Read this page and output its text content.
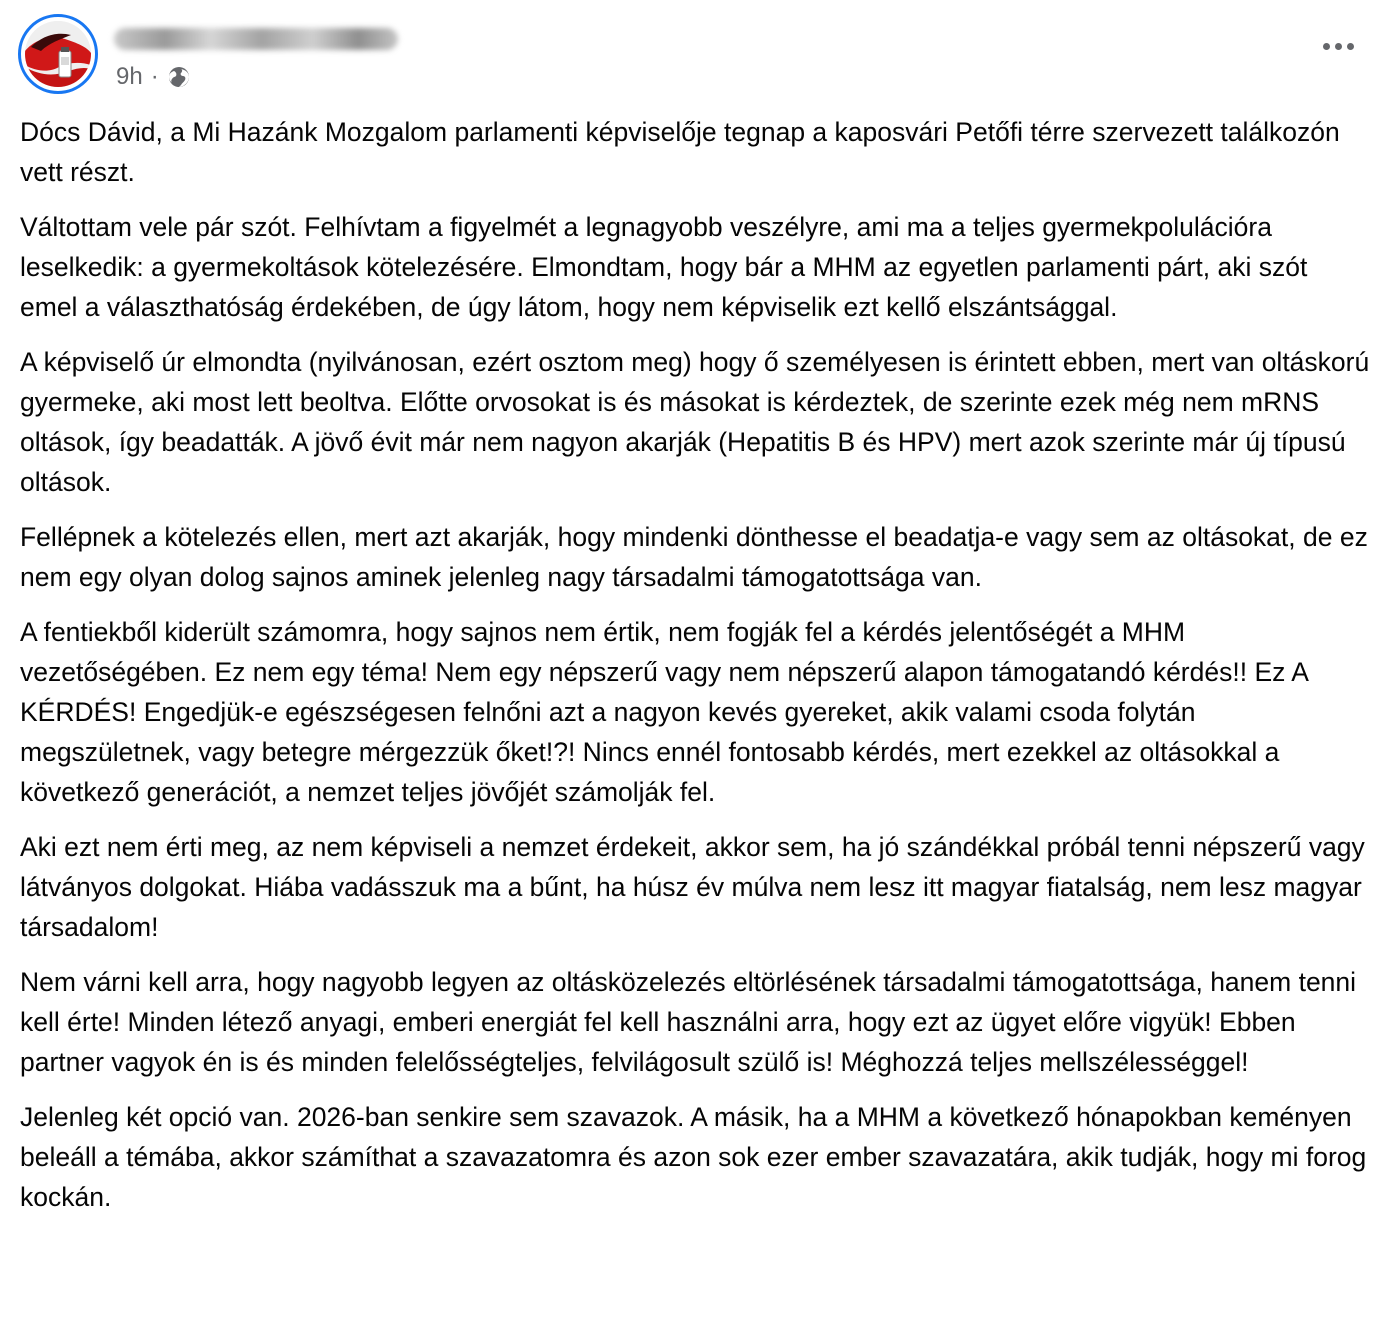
9h ·

Dócs Dávid, a Mi Hazánk Mozgalom parlamenti képviselője tegnap a kaposvári Petőfi térre szervezett találkozón vett részt.

Váltottam vele pár szót. Felhívtam a figyelmét a legnagyobb veszélyre, ami ma a teljes gyermekpolulációra leselkedik: a gyermekoltások kötelezésére. Elmondtam, hogy bár a MHM az egyetlen parlamenti párt, aki szót emel a választhatóság érdekében, de úgy látom, hogy nem képviselik ezt kellő elszántsággal.

A képviselő úr elmondta (nyilvánosan, ezért osztom meg) hogy ő személyesen is érintett ebben, mert van oltáskorú gyermeke, aki most lett beoltva. Előtte orvosokat is és másokat is kérdeztek, de szerinte ezek még nem mRNS oltások, így beadatták. A jövő évit már nem nagyon akarják (Hepatitis B és HPV) mert azok szerinte már új típusú oltások.

Fellépnek a kötelezés ellen, mert azt akarják, hogy mindenki dönthesse el beadatja-e vagy sem az oltásokat, de ez nem egy olyan dolog sajnos aminek jelenleg nagy társadalmi támogatottsága van.

A fentiekből kiderült számomra, hogy sajnos nem értik, nem fogják fel a kérdés jelentőségét a MHM vezetőségében. Ez nem egy téma! Nem egy népszerű vagy nem népszerű alapon támogatandó kérdés!! Ez A KÉRDÉS! Engedjük-e egészségesen felnőni azt a nagyon kevés gyereket, akik valami csoda folytán megszületnek, vagy betegre mérgezzük őket!?! Nincs ennél fontosabb kérdés, mert ezekkel az oltásokkal a következő generációt, a nemzet teljes jövőjét számolják fel.

Aki ezt nem érti meg, az nem képviseli a nemzet érdekeit, akkor sem, ha jó szándékkal próbál tenni népszerű vagy látványos dolgokat. Hiába vadásszuk ma a bűnt, ha húsz év múlva nem lesz itt magyar fiatalság, nem lesz magyar társadalom!

Nem várni kell arra, hogy nagyobb legyen az oltásközelezés eltörlésének társadalmi támogatottsága, hanem tenni kell érte! Minden létező anyagi, emberi energiát fel kell használni arra, hogy ezt az ügyet előre vigyük! Ebben partner vagyok én is és minden felelősségteljes, felvilágosult szülő is! Méghozzá teljes mellszélességgel!

Jelenleg két opció van. 2026-ban senkire sem szavazok. A másik, ha a MHM a következő hónapokban keményen beleáll a témába, akkor számíthat a szavazatomra és azon sok ezer ember szavazatára, akik tudják, hogy mi forog kockán.
